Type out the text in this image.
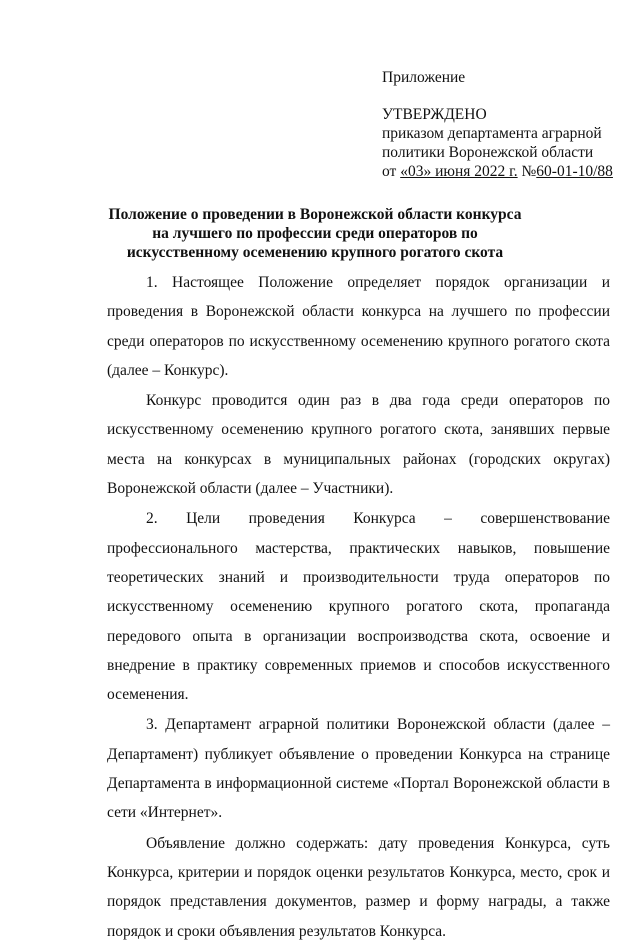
Приложение
УТВЕРЖДЕНО
приказом департамента аграрной
политики Воронежской области
от «03» июня 2022 г. №60-01-10/88
Положение о проведении в Воронежской области конкурса на лучшего по профессии среди операторов по искусственному осеменению крупного рогатого скота

1. Настоящее Положение определяет порядок организации и проведения в Воронежской области конкурса на лучшего по профессии среди операторов по искусственному осеменению крупного рогатого скота (далее – Конкурс).

Конкурс проводится один раз в два года среди операторов по искусственному осеменению крупного рогатого скота, занявших первые места на конкурсах в муниципальных районах (городских округах) Воронежской области (далее – Участники).

2. Цели проведения Конкурса – совершенствование профессионального мастерства, практических навыков, повышение теоретических знаний и производительности труда операторов по искусственному осеменению крупного рогатого скота, пропаганда передового опыта в организации воспроизводства скота, освоение и внедрение в практику современных приемов и способов искусственного осеменения.

3. Департамент аграрной политики Воронежской области (далее – Департамент) публикует объявление о проведении Конкурса на странице Департамента в информационной системе «Портал Воронежской области в сети «Интернет».

Объявление должно содержать: дату проведения Конкурса, суть Конкурса, критерии и порядок оценки результатов Конкурса, место, срок и порядок представления документов, размер и форму награды, а также порядок и сроки объявления результатов Конкурса.
